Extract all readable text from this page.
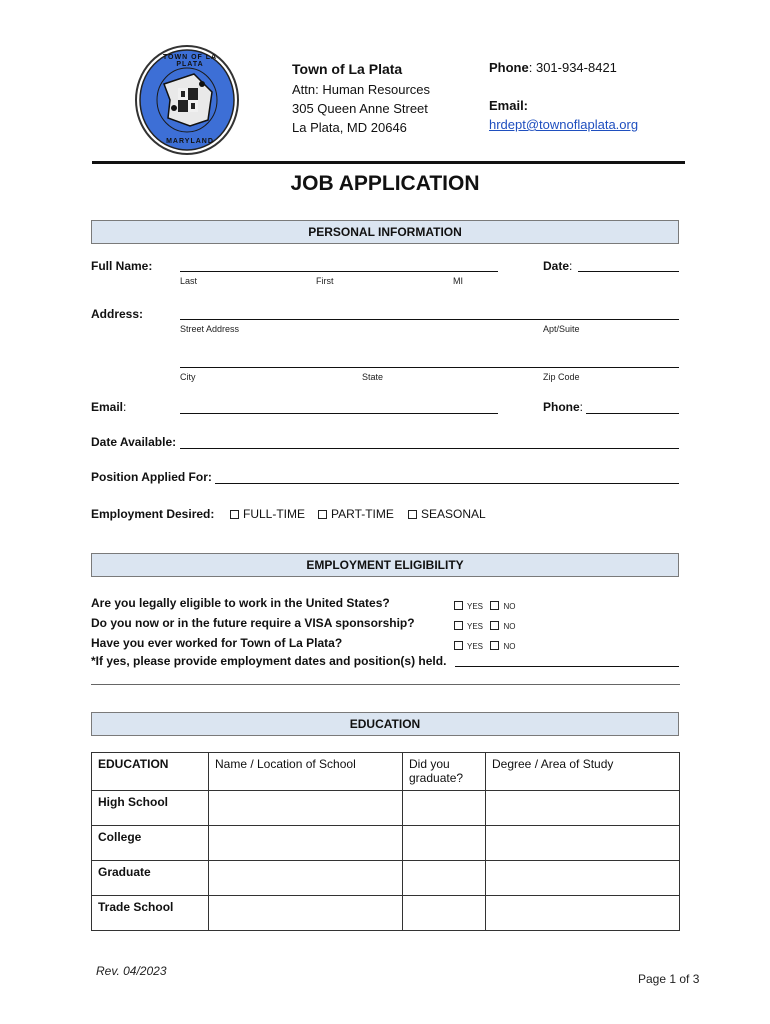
TOWN OF LA PLATA
MARYLAND
Town of La Plata
Attn: Human Resources
305 Queen Anne Street
La Plata, MD 20646
Phone: 301-934-8421
Email:
hrdept@townoflaplata.org
JOB APPLICATION
PERSONAL INFORMATION
Full Name:
Last	First	MI
Date:
Address:
Street Address	Apt/Suite
City	State	Zip Code
Email:	Phone:
Date Available:
Position Applied For:
Employment Desired:	FULL-TIME	PART-TIME	SEASONAL
EMPLOYMENT ELIGIBILITY
Are you legally eligible to work in the United States?	YES	NO
Do you now or in the future require a VISA sponsorship?	YES	NO
Have you ever worked for Town of La Plata?	YES	NO
*If yes, please provide employment dates and position(s) held.
EDUCATION
EDUCATION	Name / Location of School	Did you graduate?	Degree / Area of Study
High School			
College			
Graduate			
Trade School			
Rev. 04/2023
Page 1 of 3
